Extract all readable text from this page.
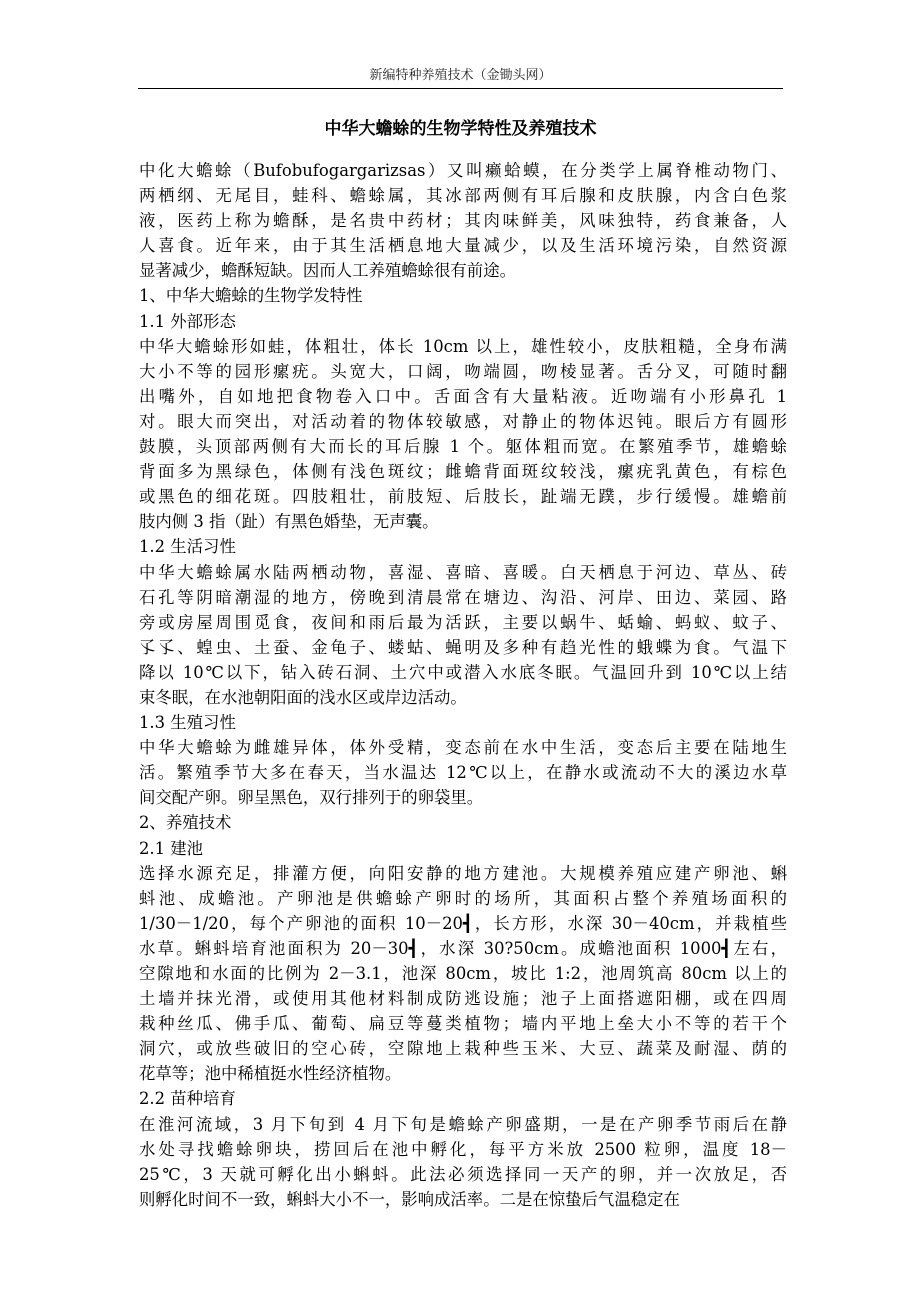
新编特种养殖技术（金锄头网）
中华大蟾蜍的生物学特性及养殖技术
中化大蟾蜍（Bufobufogargarizsas）又叫癞蛤蟆，在分类学上属脊椎动物门、
两栖纲、无尾目，蛙科、蟾蜍属，其冰部两侧有耳后腺和皮肤腺，内含白色浆
液，医药上称为蟾酥，是名贵中药材；其肉味鲜美，风味独特，药食兼备，人
人喜食。近年来，由于其生活栖息地大量减少，以及生活环境污染，自然资源
显著减少，蟾酥短缺。因而人工养殖蟾蜍很有前途。
1、中华大蟾蜍的生物学发特性
1.1 外部形态
中华大蟾蜍形如蛙，体粗壮，体长 10cm 以上，雄性较小，皮肤粗糙，全身布满
大小不等的园形瘰疣。头宽大，口阔，吻端圆，吻棱显著。舌分叉，可随时翻
出嘴外，自如地把食物卷入口中。舌面含有大量粘液。近吻端有小形鼻孔 1
对。眼大而突出，对活动着的物体较敏感，对静止的物体迟钝。眼后方有圆形
鼓膜，头顶部两侧有大而长的耳后腺 1 个。躯体粗而宽。在繁殖季节，雄蟾蜍
背面多为黑绿色，体侧有浅色斑纹；雌蟾背面斑纹较浅，瘰疣乳黄色，有棕色
或黑色的细花斑。四肢粗壮，前肢短、后肢长，趾端无蹼，步行缓慢。雄蟾前
肢内侧 3 指（趾）有黑色婚垫，无声囊。
1.2 生活习性
中华大蟾蜍属水陆两栖动物，喜湿、喜暗、喜暖。白天栖息于河边、草丛、砖
石孔等阴暗潮湿的地方，傍晚到清晨常在塘边、沟沿、河岸、田边、菜园、路
旁或房屋周围觅食，夜间和雨后最为活跃，主要以蜗牛、蛞蝓、蚂蚁、蚊子、
孓孓、蝗虫、土蚕、金龟子、蝼蛄、蝇明及多种有趋光性的蛾蝶为食。气温下
降以 10℃以下，钻入砖石洞、土穴中或潜入水底冬眠。气温回升到 10℃以上结
束冬眠，在水池朝阳面的浅水区或岸边活动。
1.3 生殖习性
中华大蟾蜍为雌雄异体，体外受精，变态前在水中生活，变态后主要在陆地生
活。繁殖季节大多在春天，当水温达 12℃以上，在静水或流动不大的溪边水草
间交配产卵。卵呈黑色，双行排列于的卵袋里。
2、养殖技术
2.1 建池
选择水源充足，排灌方便，向阳安静的地方建池。大规模养殖应建产卵池、蝌
蚪池、成蟾池。产卵池是供蟾蜍产卵时的场所，其面积占整个养殖场面积的
1/30－1/20，每个产卵池的面积 10－20┫，长方形，水深 30－40cm，并栽植些
水草。蝌蚪培育池面积为 20－30┫，水深 30?50cm。成蟾池面积 1000┫左右，
空隙地和水面的比例为 2－3.1，池深 80cm，坡比 1:2，池周筑高 80cm 以上的
土墙并抹光滑，或使用其他材料制成防逃设施；池子上面搭遮阳棚，或在四周
栽种丝瓜、佛手瓜、葡萄、扁豆等蔓类植物；墙内平地上垒大小不等的若干个
洞穴，或放些破旧的空心砖，空隙地上栽种些玉米、大豆、蔬菜及耐湿、荫的
花草等；池中稀植挺水性经济植物。
2.2 苗种培育
在淮河流域，3 月下旬到 4 月下旬是蟾蜍产卵盛期，一是在产卵季节雨后在静
水处寻找蟾蜍卵块，捞回后在池中孵化，每平方米放 2500 粒卵，温度 18－
25℃，3 天就可孵化出小蝌蚪。此法必须选择同一天产的卵，并一次放足，否
则孵化时间不一致，蝌蚪大小不一，影响成活率。二是在惊蛰后气温稳定在
